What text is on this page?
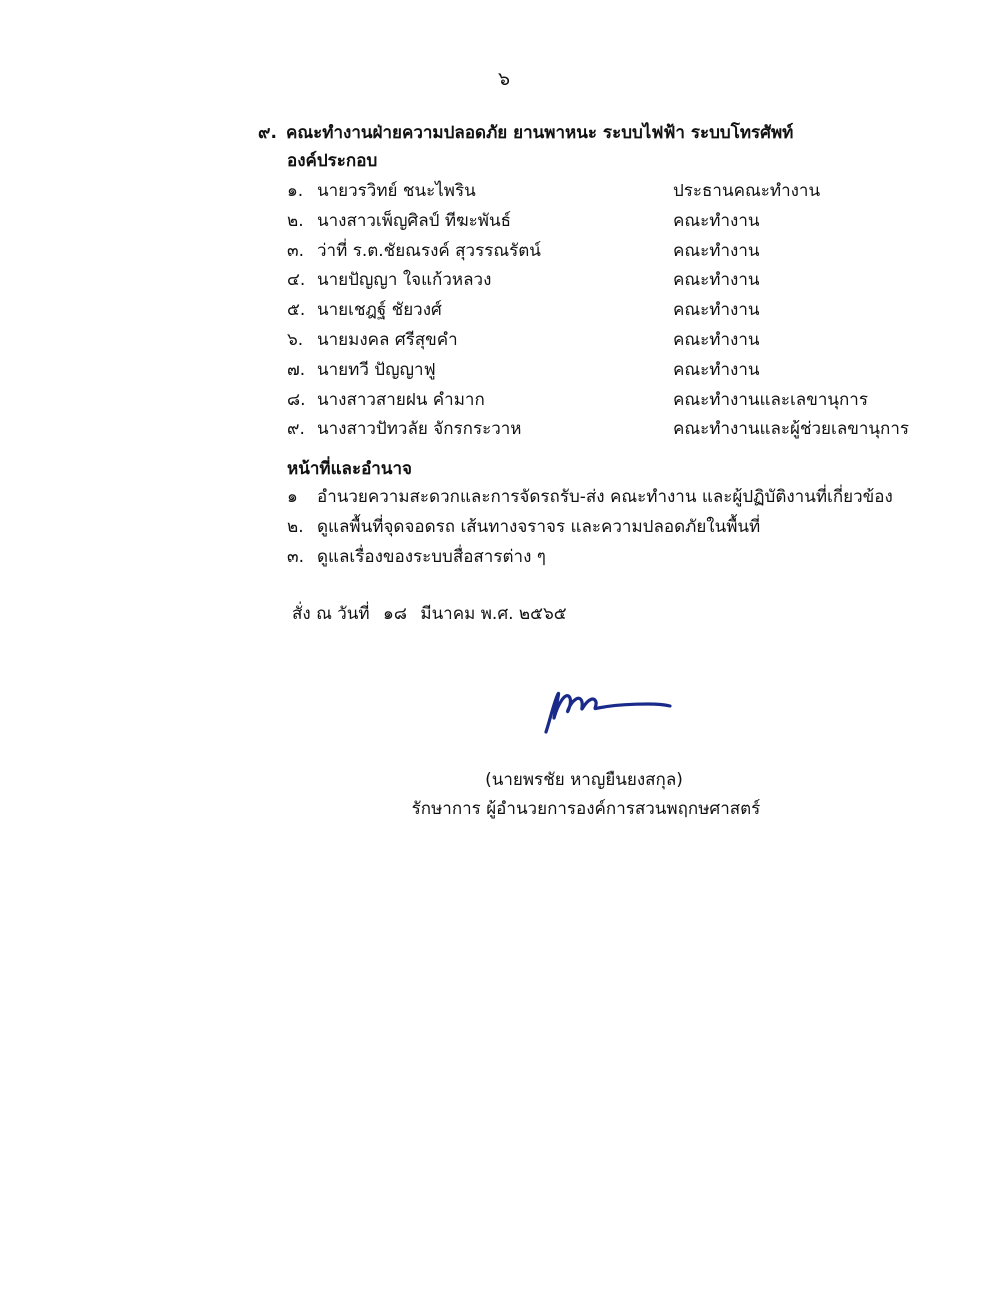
๖
๙. คณะทำงานฝ่ายความปลอดภัย ยานพาหนะ ระบบไฟฟ้า ระบบโทรศัพท์
องค์ประกอบ
๑. นายวรวิทย์ ชนะไพริน	ประธานคณะทำงาน
๒. นางสาวเพ็ญศิลป์ ทีฆะพันธ์	คณะทำงาน
๓. ว่าที่ ร.ต.ชัยณรงค์ สุวรรณรัตน์	คณะทำงาน
๔. นายปัญญา ใจแก้วหลวง	คณะทำงาน
๕. นายเชฎฐ์ ชัยวงศ์	คณะทำงาน
๖. นายมงคล ศรีสุขคำ	คณะทำงาน
๗. นายทวี ปัญญาฟู	คณะทำงาน
๘. นางสาวสายฝน คำมาก	คณะทำงานและเลขานุการ
๙. นางสาวปัทวลัย จักรกระวาห	คณะทำงานและผู้ช่วยเลขานุการ
หน้าที่และอำนาจ
๑	อำนวยความสะดวกและการจัดรถรับ-ส่ง คณะทำงาน และผู้ปฏิบัติงานที่เกี่ยวข้อง
๒. ดูแลพื้นที่จุดจอดรถ เส้นทางจราจร และความปลอดภัยในพื้นที่
๓. ดูแลเรื่องของระบบสื่อสารต่าง ๆ
สั่ง ณ วันที่ ๑๘ มีนาคม พ.ศ. ๒๕๖๕
(นายพรชัย หาญยืนยงสกุล)
รักษาการ ผู้อำนวยการองค์การสวนพฤกษศาสตร์
